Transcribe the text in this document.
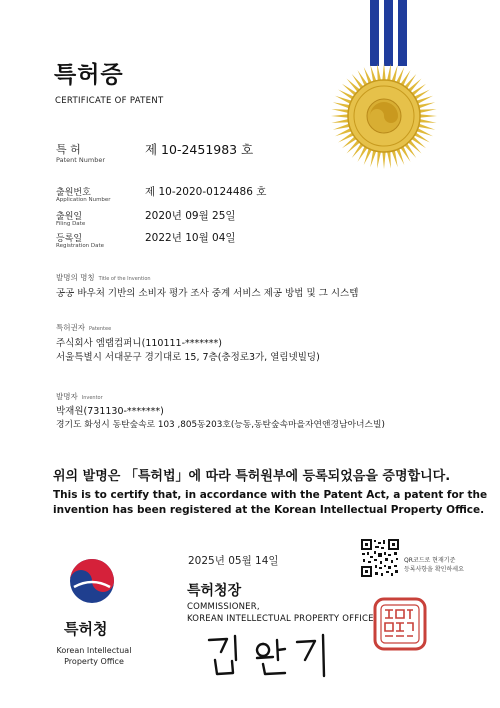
특허증
CERTIFICATE OF PATENT
특 허
Patent Number
제 10-2451983 호
출원번호
Application Number
제 10-2020-0124486 호
출원일
Filing Date
2020년 09월 25일
등록일
Registration Date
2022년 10월 04일
발명의 명칭 Title of the Invention
공공 바우처 기반의 소비자 평가 조사 중계 서비스 제공 방법 및 그 시스템
특허권자 Patentee
주식회사 엠랩컴퍼니(110111-*******)
서울특별시 서대문구 경기대로 15, 7층(충정로3가, 열림넷빌딩)
발명자 Inventor
박재원(731130-*******)
경기도 화성시 동탄숲속로 103 ,805동203호(능동,동탄숲속마을자연앤경남아너스빌)
위의 발명은 「특허법」에 따라 특허원부에 등록되었음을 증명합니다.
This is to certify that, in accordance with the Patent Act, a patent for the
invention has been registered at the Korean Intellectual Property Office.
2025년 05월 14일	QR코드로 현재기준
등록사항을 확인하세요
특허청
Korean Intellectual
Property Office
특허청장
COMMISSIONER,
KOREAN INTELLECTUAL PROPERTY OFFICE
